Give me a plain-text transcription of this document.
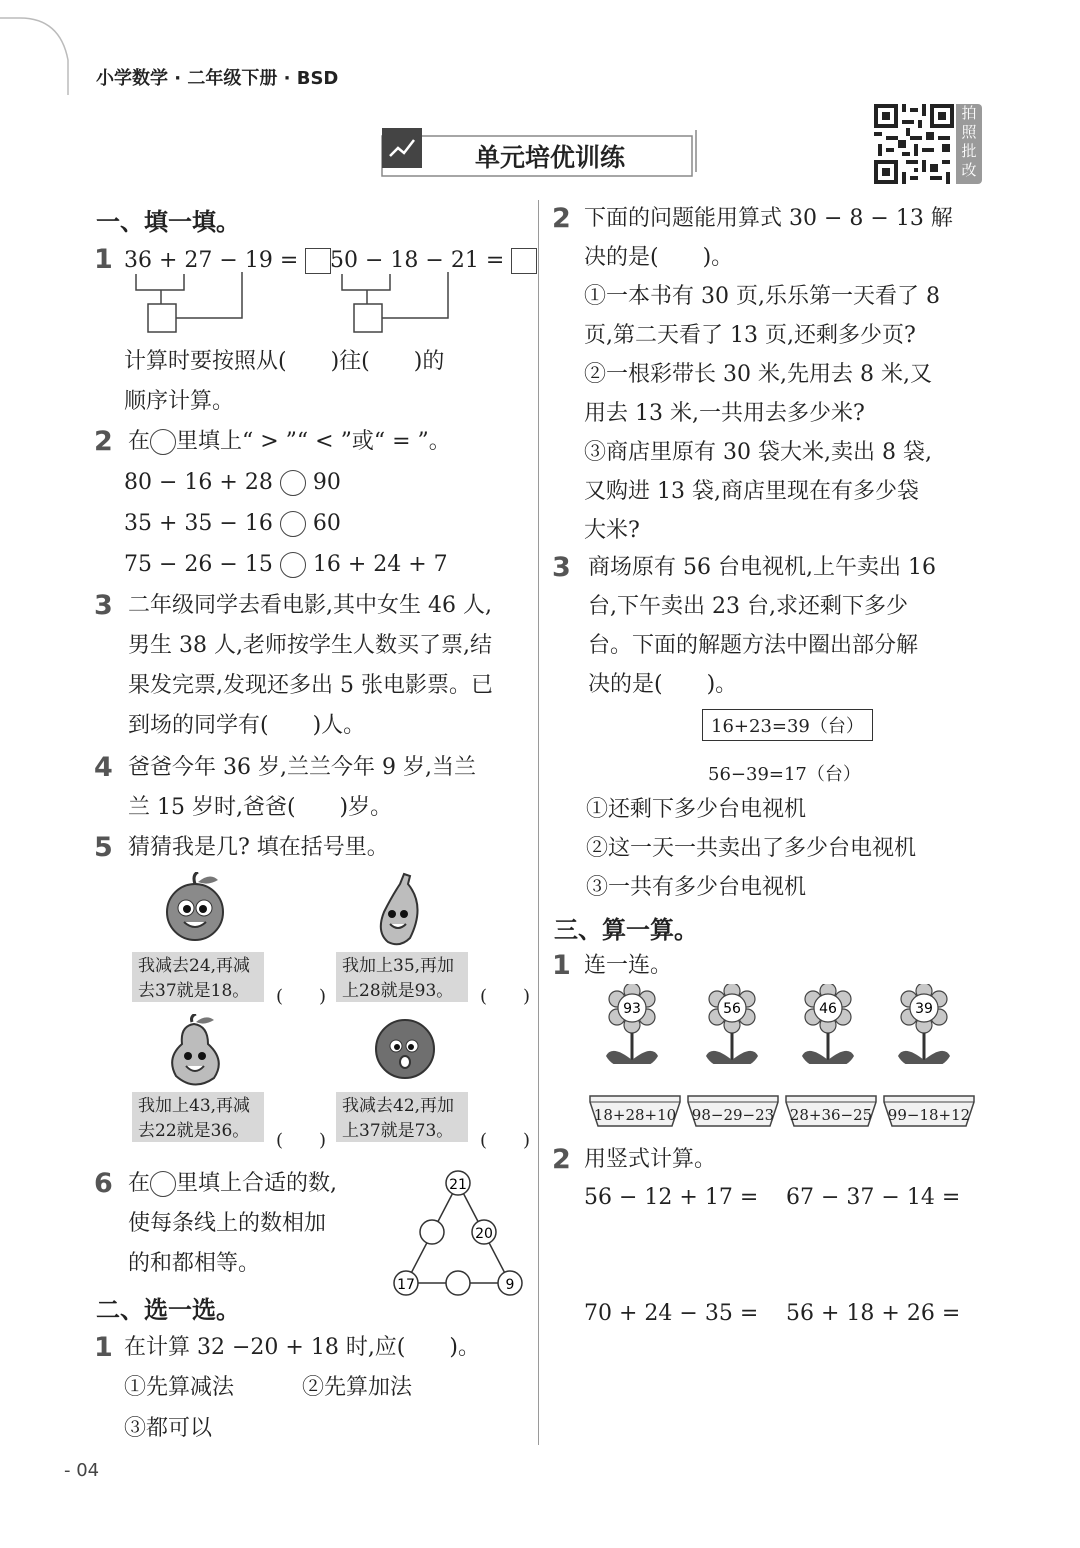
小学数学 · 二年级下册 · BSD
单元培优训练
拍照批改
一、填一填。
1 36 + 27 − 19 =	50 − 18 − 21 =
计算时要按照从(　　)往(　　)的
顺序计算。
2 在 里填上“ > ”“ < ”或“ = ”。
80 − 16 + 28 90
35 + 35 − 16 60
75 − 26 − 15 16 + 24 + 7
3 二年级同学去看电影,其中女生 46 人,
男生 38 人,老师按学生人数买了票,结
果发完票,发现还多出 5 张电影票。已
到场的同学有(　　)人。
4 爸爸今年 36 岁,兰兰今年 9 岁,当兰
兰 15 岁时,爸爸(　　)岁。
5 猜猜我是几? 填在括号里。
我减去24,再减
去37就是18。	(　　)
我加上35,再加
上28就是93。	(　　)
我加上43,再减
去22就是36。	(　　)
我减去42,再加
上37就是73。	(　　)
6 在 里填上合适的数,
使每条线上的数相加
的和都相等。
21
20
17	9
二、选一选。
1 在计算 32 −20 + 18 时,应(　　)。
①先算减法	②先算加法
③都可以
- 04
2 下面的问题能用算式 30 − 8 − 13 解
决的是(　　)。
①一本书有 30 页,乐乐第一天看了 8
页,第二天看了 13 页,还剩多少页?
②一根彩带长 30 米,先用去 8 米,又
用去 13 米,一共用去多少米?
③商店里原有 30 袋大米,卖出 8 袋,
又购进 13 袋,商店里现在有多少袋
大米?
3 商场原有 56 台电视机,上午卖出 16
台,下午卖出 23 台,求还剩下多少
台。下面的解题方法中圈出部分解
决的是(　　)。
16+23=39（台）
56−39=17（台）
①还剩下多少台电视机
②这一天一共卖出了多少台电视机
③一共有多少台电视机
三、算一算。
1 连一连。
93	56	46	39
18+28+10	98−29−23	28+36−25	99−18+12
2 用竖式计算。
56 − 12 + 17 = 67 − 37 − 14 =
70 + 24 − 35 = 56 + 18 + 26 =
